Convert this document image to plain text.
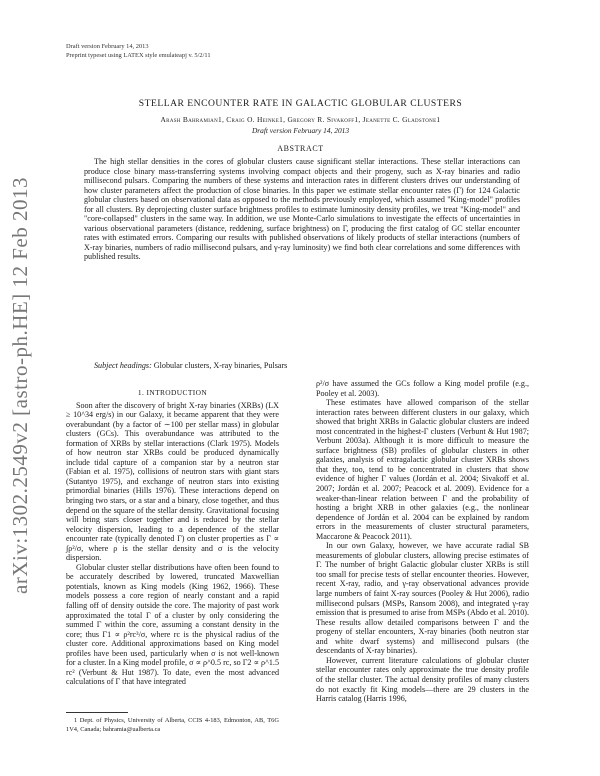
arXiv:1302.2549v2 [astro-ph.HE] 12 Feb 2013
Draft version February 14, 2013
Preprint typeset using LATEX style emulateapj v. 5/2/11
STELLAR ENCOUNTER RATE IN GALACTIC GLOBULAR CLUSTERS
Arash Bahramian1, Craig O. Heinke1, Gregory R. Sivakoff1, Jeanette C. Gladstone1
Draft version February 14, 2013
ABSTRACT
The high stellar densities in the cores of globular clusters cause significant stellar interactions. These stellar interactions can produce close binary mass-transferring systems involving compact objects and their progeny, such as X-ray binaries and radio millisecond pulsars. Comparing the numbers of these systems and interaction rates in different clusters drives our understanding of how cluster parameters affect the production of close binaries. In this paper we estimate stellar encounter rates (Γ) for 124 Galactic globular clusters based on observational data as opposed to the methods previously employed, which assumed "King-model" profiles for all clusters. By deprojecting cluster surface brightness profiles to estimate luminosity density profiles, we treat "King-model" and "core-collapsed" clusters in the same way. In addition, we use Monte-Carlo simulations to investigate the effects of uncertainties in various observational parameters (distance, reddening, surface brightness) on Γ, producing the first catalog of GC stellar encounter rates with estimated errors. Comparing our results with published observations of likely products of stellar interactions (numbers of X-ray binaries, numbers of radio millisecond pulsars, and γ-ray luminosity) we find both clear correlations and some differences with published results.
Subject headings: Globular clusters, X-ray binaries, Pulsars
1. INTRODUCTION

Soon after the discovery of bright X-ray binaries (XRBs) (LX ≥ 10^34 erg/s) in our Galaxy, it became apparent that they were overabundant (by a factor of ∼100 per stellar mass) in globular clusters (GCs). This overabundance was attributed to the formation of XRBs by stellar interactions (Clark 1975). Models of how neutron star XRBs could be produced dynamically include tidal capture of a companion star by a neutron star (Fabian et al. 1975), collisions of neutron stars with giant stars (Sutantyo 1975), and exchange of neutron stars into existing primordial binaries (Hills 1976). These interactions depend on bringing two stars, or a star and a binary, close together, and thus depend on the square of the stellar density. Gravitational focusing will bring stars closer together and is reduced by the stellar velocity dispersion, leading to a dependence of the stellar encounter rate (typically denoted Γ) on cluster properties as Γ ∝ ∫ρ²/σ, where ρ is the stellar density and σ is the velocity dispersion.

Globular cluster stellar distributions have often been found to be accurately described by lowered, truncated Maxwellian potentials, known as King models (King 1962, 1966). These models possess a core region of nearly constant and a rapid falling off of density outside the core. The majority of past work approximated the total Γ of a cluster by only considering the summed Γ within the core, assuming a constant density in the core; thus Γ1 ∝ ρ²rc³/σ, where rc is the physical radius of the cluster core. Additional approximations based on King model profiles have been used, particularly when σ is not well-known for a cluster. In a King model profile, σ ∝ ρ^0.5 rc, so Γ2 ∝ ρ^1.5 rc² (Verbunt & Hut 1987). To date, even the most advanced calculations of Γ that have integrated

ρ²/σ have assumed the GCs follow a King model profile (e.g., Pooley et al. 2003).

These estimates have allowed comparison of the stellar interaction rates between different clusters in our galaxy, which showed that bright XRBs in Galactic globular clusters are indeed most concentrated in the highest-Γ clusters (Verbunt & Hut 1987; Verbunt 2003a). Although it is more difficult to measure the surface brightness (SB) profiles of globular clusters in other galaxies, analysis of extragalactic globular cluster XRBs shows that they, too, tend to be concentrated in clusters that show evidence of higher Γ values (Jordán et al. 2004; Sivakoff et al. 2007; Jordán et al. 2007; Peacock et al. 2009). Evidence for a weaker-than-linear relation between Γ and the probability of hosting a bright XRB in other galaxies (e.g., the nonlinear dependence of Jordán et al. 2004 can be explained by random errors in the measurements of cluster structural parameters, Maccarone & Peacock 2011).

In our own Galaxy, however, we have accurate radial SB measurements of globular clusters, allowing precise estimates of Γ. The number of bright Galactic globular cluster XRBs is still too small for precise tests of stellar encounter theories. However, recent X-ray, radio, and γ-ray observational advances provide large numbers of faint X-ray sources (Pooley & Hut 2006), radio millisecond pulsars (MSPs, Ransom 2008), and integrated γ-ray emission that is presumed to arise from MSPs (Abdo et al. 2010). These results allow detailed comparisons between Γ and the progeny of stellar encounters, X-ray binaries (both neutron star and white dwarf systems) and millisecond pulsars (the descendants of X-ray binaries).

However, current literature calculations of globular cluster stellar encounter rates only approximate the true density profile of the stellar cluster. The actual density profiles of many clusters do not exactly fit King models—there are 29 clusters in the Harris catalog (Harris 1996,

1 Dept. of Physics, University of Alberta, CCIS 4-183, Edmonton, AB, T6G 1V4, Canada; bahramia@ualberta.ca
